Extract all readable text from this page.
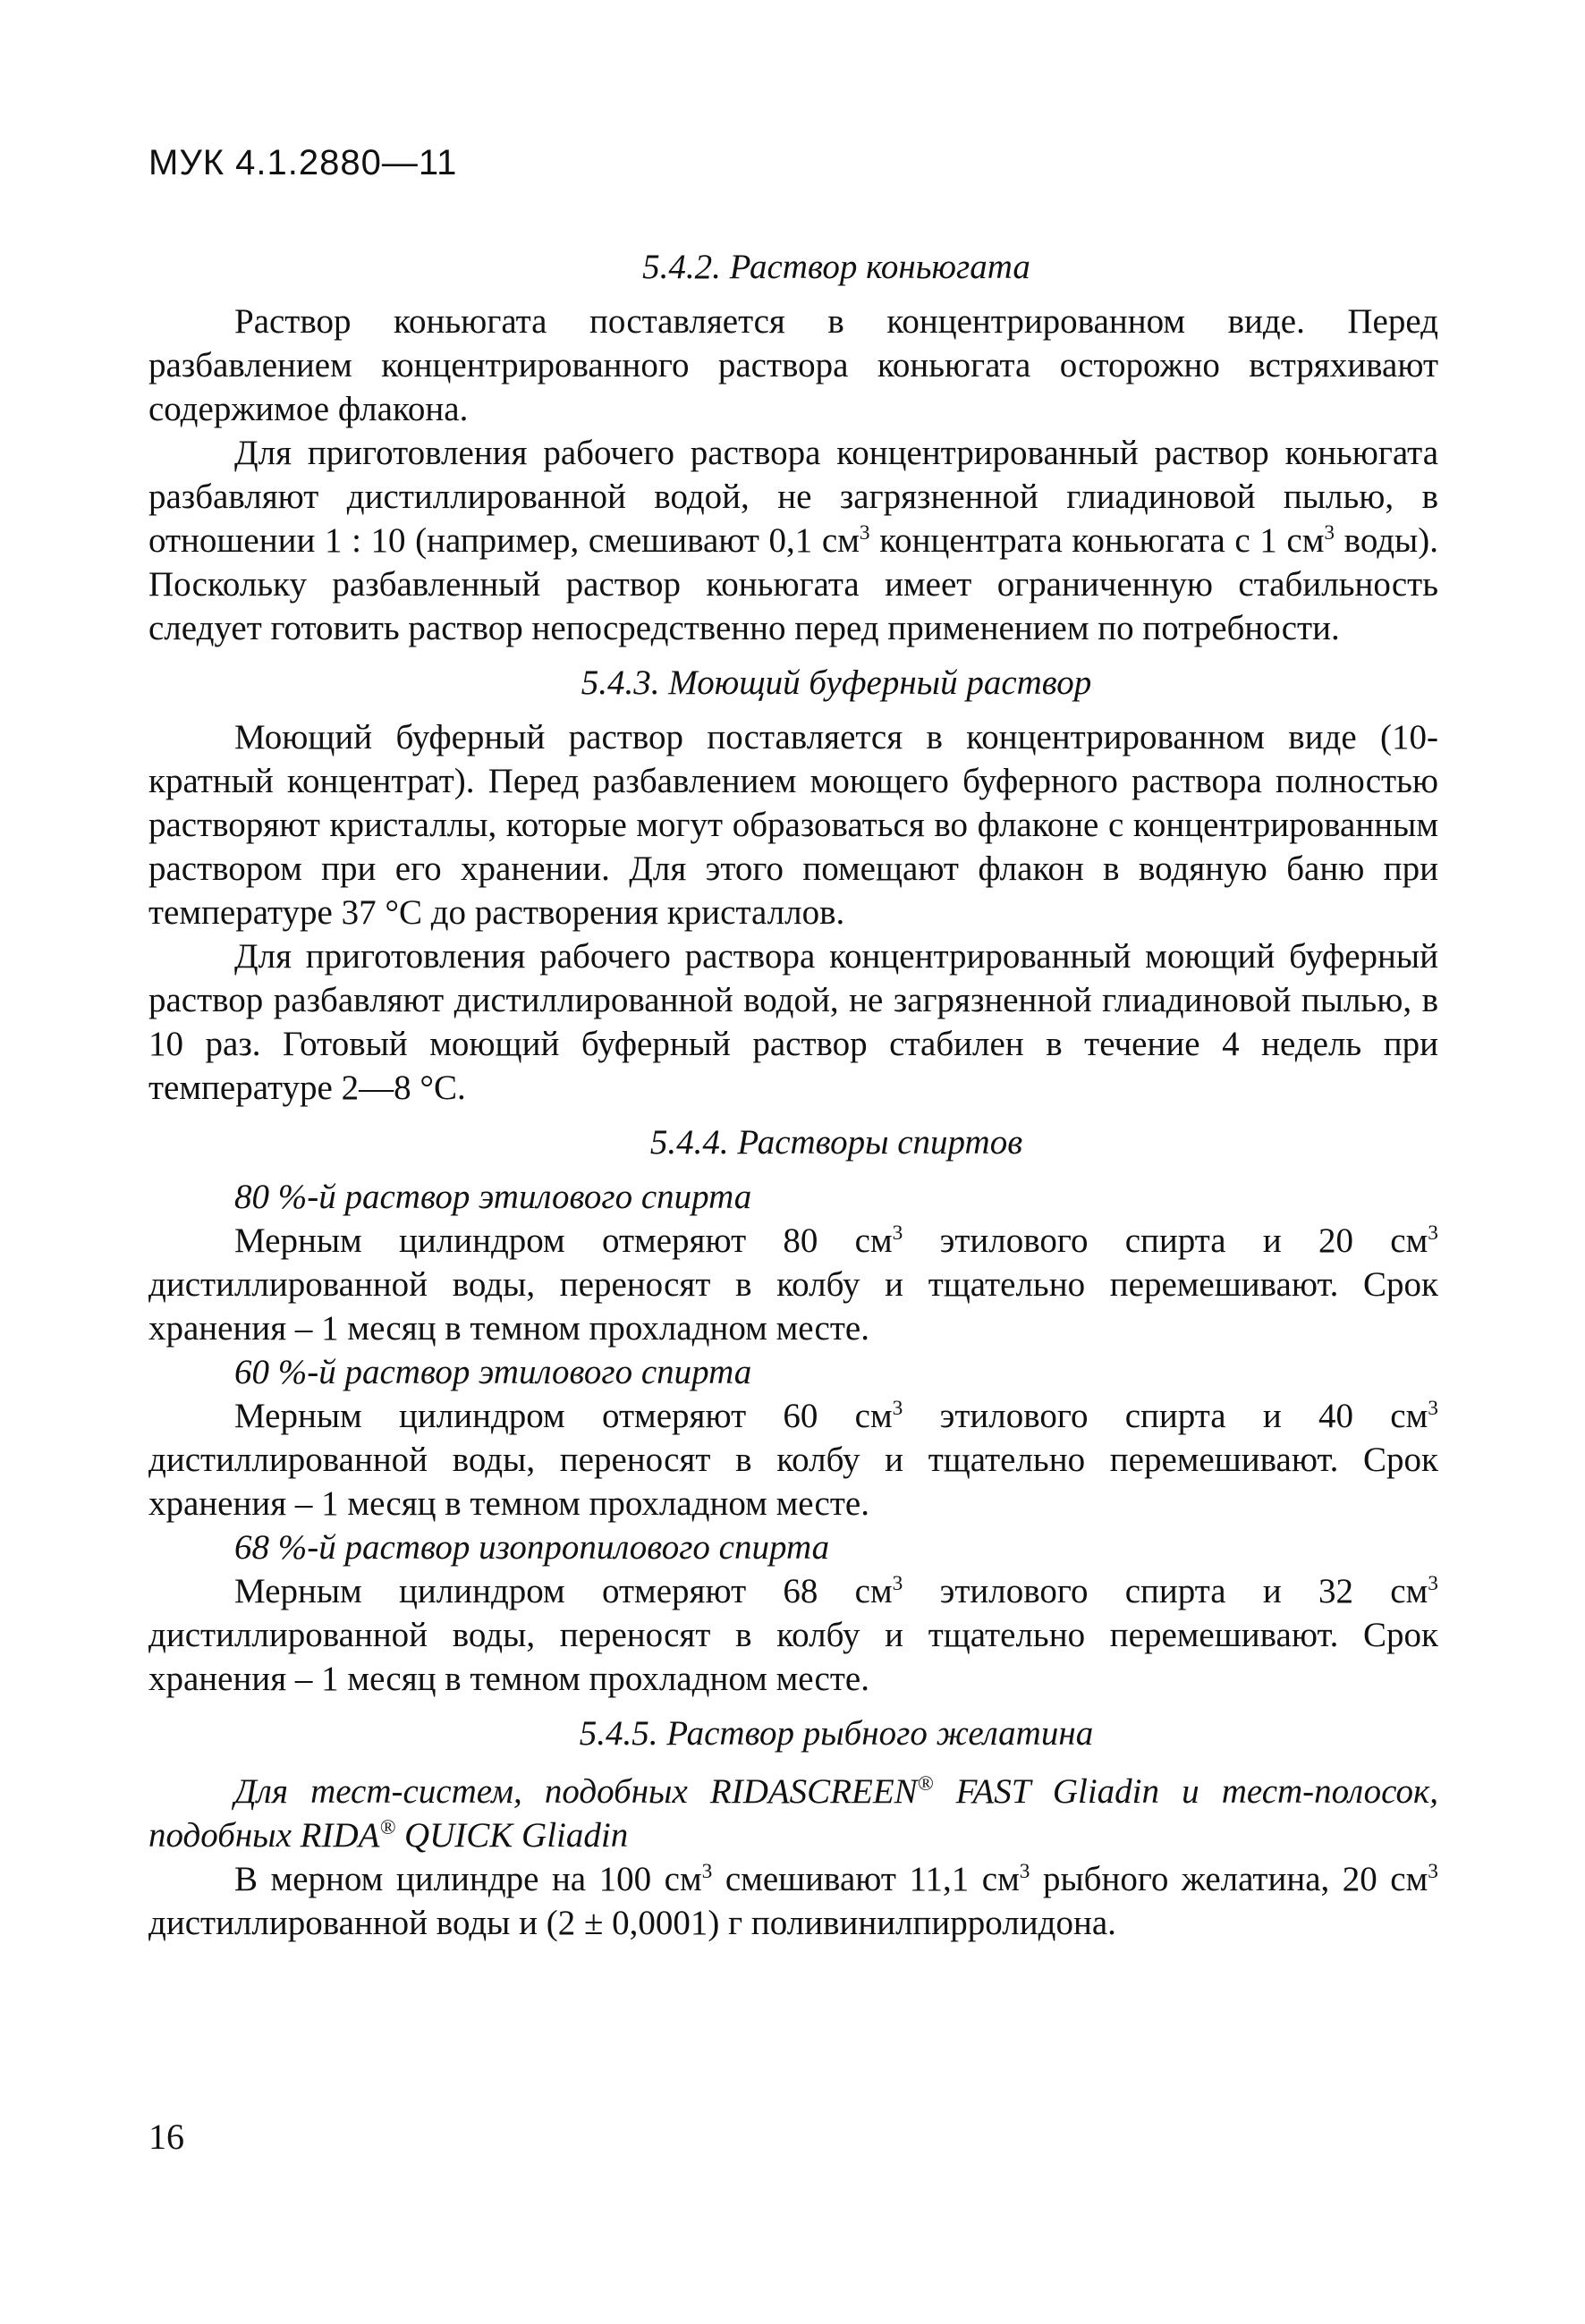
МУК 4.1.2880—11
5.4.2. Раствор коньюгата

Раствор коньюгата поставляется в концентрированном виде. Перед разбавлением концентрированного раствора коньюгата осторожно встряхивают содержимое флакона.

Для приготовления рабочего раствора концентрированный раствор коньюгата разбавляют дистиллированной водой, не загрязненной глиадиновой пылью, в отношении 1 : 10 (например, смешивают 0,1 $см^3$ концентрата коньюгата с 1 $см^3$ воды). Поскольку разбавленный раствор коньюгата имеет ограниченную стабильность следует готовить раствор непосредственно перед применением по потребности.

5.4.3. Моющий буферный раствор

Моющий буферный раствор поставляется в концентрированном виде (10-кратный концентрат). Перед разбавлением моющего буферного раствора полностью растворяют кристаллы, которые могут образоваться во флаконе с концентрированным раствором при его хранении. Для этого помещают флакон в водяную баню при температуре 37 °С до растворения кристаллов.

Для приготовления рабочего раствора концентрированный моющий буферный раствор разбавляют дистиллированной водой, не загрязненной глиадиновой пылью, в 10 раз. Готовый моющий буферный раствор стабилен в течение 4 недель при температуре 2—8 °С.

5.4.4. Растворы спиртов
80 %-й раствор этилового спирта

Мерным цилиндром отмеряют 80 $см^3$ этилового спирта и 20 $см^3$ дистиллированной воды, переносят в колбу и тщательно перемешивают. Срок хранения – 1 месяц в темном прохладном месте.

60 %-й раствор этилового спирта

Мерным цилиндром отмеряют 60 $см^3$ этилового спирта и 40 $см^3$ дистиллированной воды, переносят в колбу и тщательно перемешивают. Срок хранения – 1 месяц в темном прохладном месте.

68 %-й раствор изопропилового спирта

Мерным цилиндром отмеряют 68 $см^3$ этилового спирта и 32 $см^3$ дистиллированной воды, переносят в колбу и тщательно перемешивают. Срок хранения – 1 месяц в темном прохладном месте.

5.4.5. Раствор рыбного желатина

Для тест-систем, подобных RIDASCREEN® FAST Gliadin и тест-полосок, подобных RIDA® QUICK Gliadin

В мерном цилиндре на 100 $см^3$ смешивают 11,1 $см^3$ рыбного желатина, 20 $см^3$ дистиллированной воды и (2 ± 0,0001) г поливинилпирролидона.

16
